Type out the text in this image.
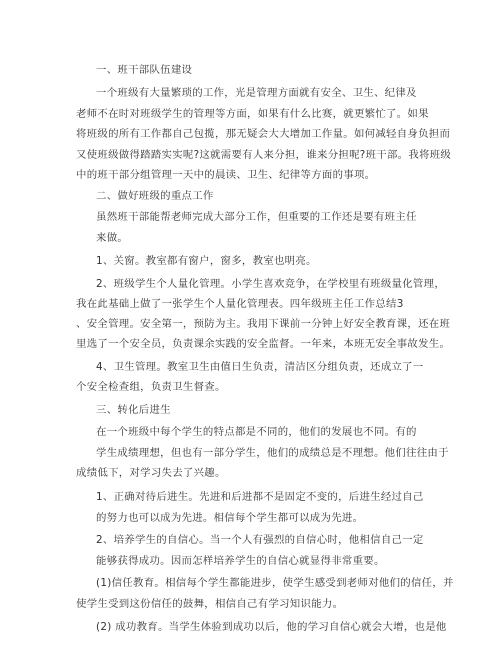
一、班干部队伍建设
一个班级有大量繁琐的工作，光是管理方面就有安全、卫生、纪律及
老师不在时对班级学生的管理等方面，如果有什么比赛，就更繁忙了。如果
将班级的所有工作都自己包揽，那无疑会大大增加工作量。如何减轻自身负担而
又使班级做得踏踏实实呢?这就需要有人来分担，谁来分担呢?班干部。我将班级
中的班干部分组管理一天中的晨读、卫生、纪律等方面的事项。
二、做好班级的重点工作
虽然班干部能帮老师完成大部分工作，但重要的工作还是要有班主任
来做。
1、关窗。教室都有窗户，窗多，教室也明亮。
2、班级学生个人量化管理。小学生喜欢竞争，在学校里有班级量化管理，
我在此基础上做了一张学生个人量化管理表。四年级班主任工作总结3
、安全管理。安全第一，预防为主。我用下课前一分钟上好安全教育课，还在班
里选了一个安全员，负责课余实践的安全监督。一年来，本班无安全事故发生。
4、卫生管理。教室卫生由值日生负责，清洁区分组负责，还成立了一
个安全检查组，负责卫生督查。
三、转化后进生
在一个班级中每个学生的特点都是不同的，他们的发展也不同。有的
学生成绩理想，但也有一部分学生，他们的成绩总是不理想。他们往往由于
成绩低下，对学习失去了兴趣。
1、正确对待后进生。先进和后进都不是固定不变的，后进生经过自己
的努力也可以成为先进。相信每个学生都可以成为先进。
2、培养学生的自信心。当一个人有强烈的自信心时，他相信自己一定
能够获得成功。因而怎样培养学生的自信心就显得非常重要。
(1)信任教育。相信每个学生都能进步，使学生感受到老师对他们的信任，并
使学生受到这份信任的鼓舞，相信自己有学习知识能力。
(2) 成功教育。当学生体验到成功以后，他的学习自信心就会大增，也是他
